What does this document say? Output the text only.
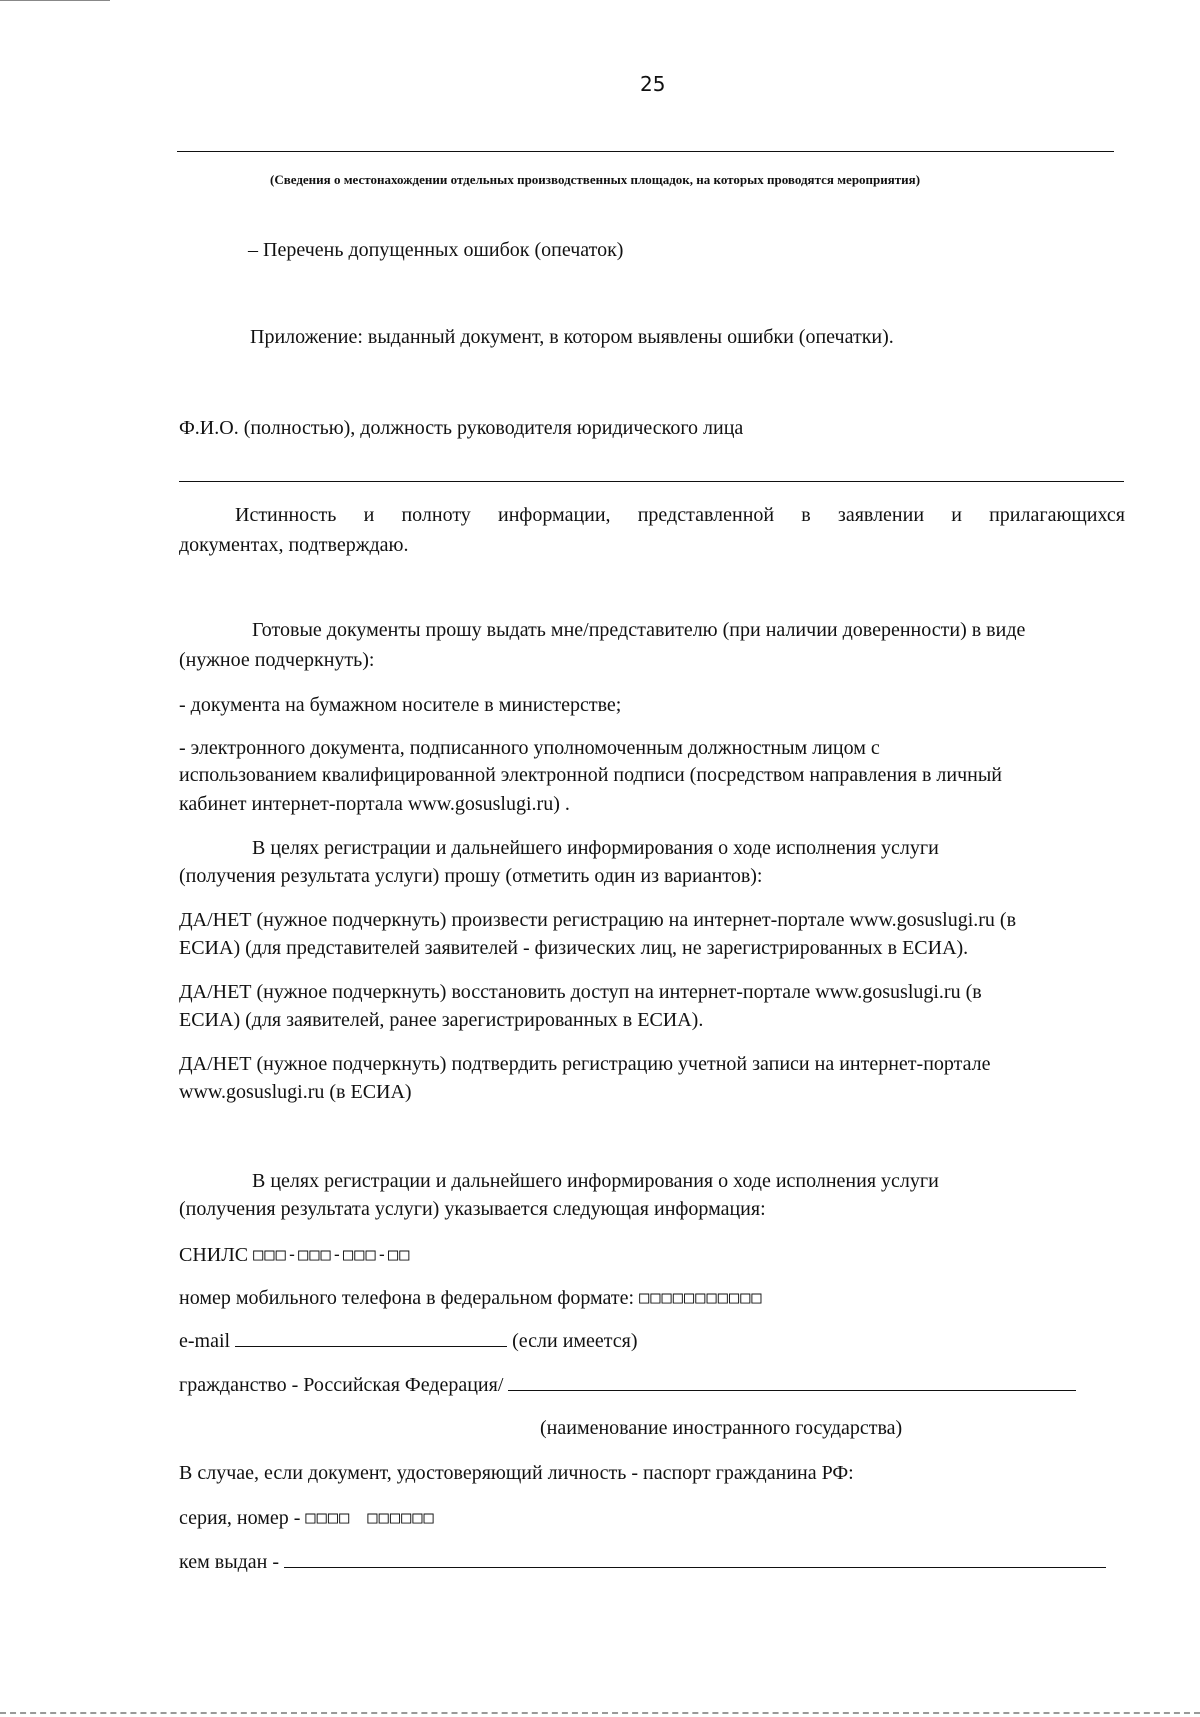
25
(Сведения о местонахождении отдельных производственных площадок, на которых проводятся мероприятия)
– Перечень допущенных ошибок (опечаток)
Приложение: выданный документ, в котором выявлены ошибки (опечатки).
Ф.И.О. (полностью), должность руководителя юридического лица
Истинность и полноту информации, представленной в заявлении и прилагающихся
документах, подтверждаю.
Готовые документы прошу выдать мне/представителю (при наличии доверенности) в виде
(нужное подчеркнуть):
- документа на бумажном носителе в министерстве;
- электронного документа, подписанного уполномоченным должностным лицом с
использованием квалифицированной электронной подписи (посредством направления в личный
кабинет интернет-портала www.gosuslugi.ru) .
В целях регистрации и дальнейшего информирования о ходе исполнения услуги
(получения результата услуги) прошу (отметить один из вариантов):
ДА/НЕТ (нужное подчеркнуть) произвести регистрацию на интернет-портале www.gosuslugi.ru (в
ЕСИА) (для представителей заявителей - физических лиц, не зарегистрированных в ЕСИА).
ДА/НЕТ (нужное подчеркнуть) восстановить доступ на интернет-портале www.gosuslugi.ru (в
ЕСИА) (для заявителей, ранее зарегистрированных в ЕСИА).
ДА/НЕТ (нужное подчеркнуть) подтвердить регистрацию учетной записи на интернет-портале
www.gosuslugi.ru (в ЕСИА)
В целях регистрации и дальнейшего информирования о ходе исполнения услуги
(получения результата услуги) указывается следующая информация:
СНИЛС □□□-□□□-□□□-□□
номер мобильного телефона в федеральном формате: □□□□□□□□□□□
e-mail	(если имеется)
гражданство - Российская Федерация/
(наименование иностранного государства)
В случае, если документ, удостоверяющий личность - паспорт гражданина РФ:
серия, номер - □□□□ □□□□□□
кем выдан -
